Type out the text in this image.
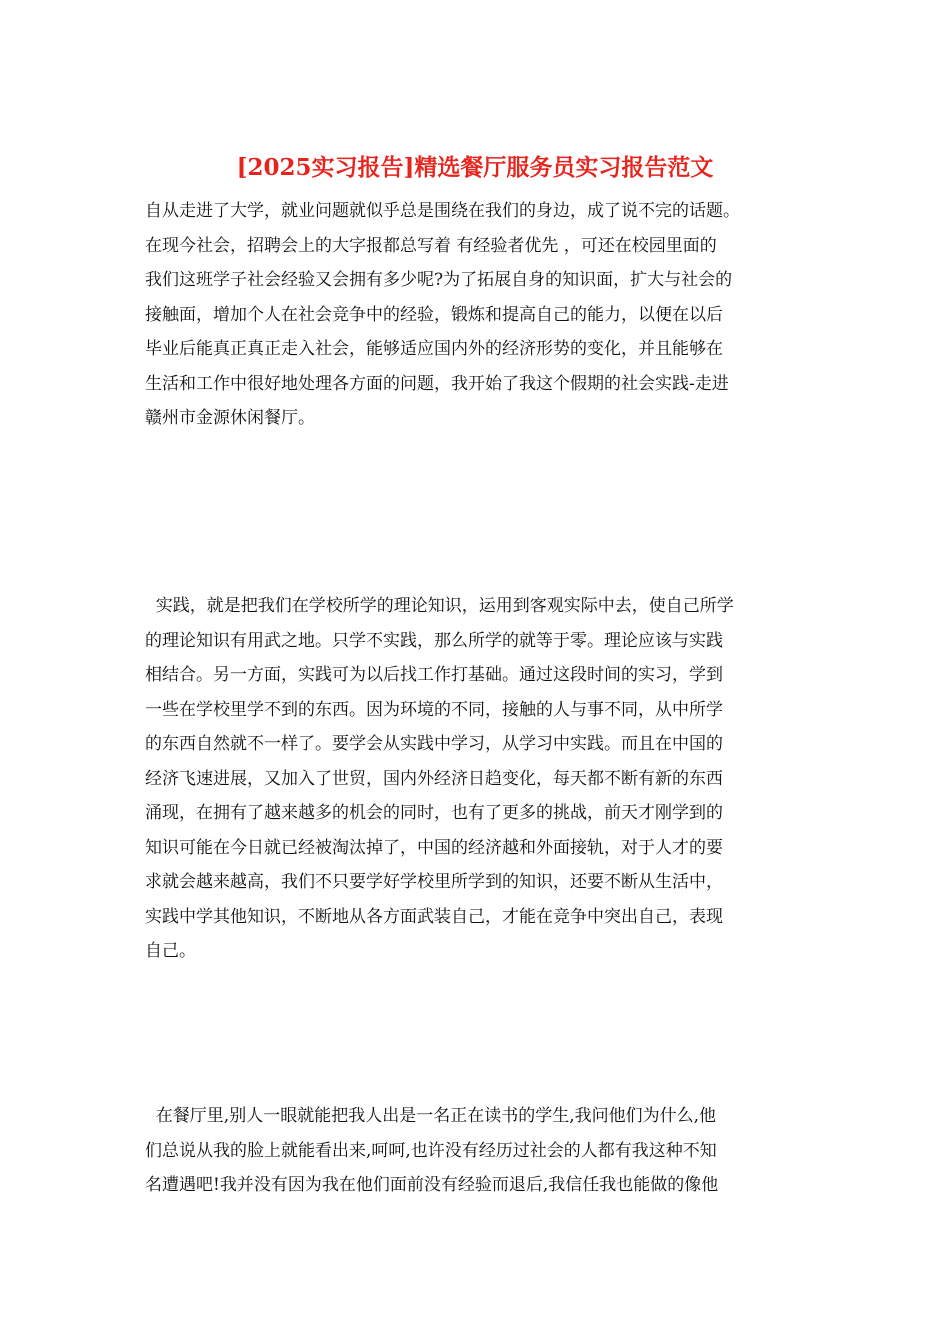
[2025实习报告]精选餐厅服务员实习报告范文
自从走进了大学，就业问题就似乎总是围绕在我们的身边，成了说不完的话题。
在现今社会，招聘会上的大字报都总写着 有经验者优先 ，可还在校园里面的
我们这班学子社会经验又会拥有多少呢?为了拓展自身的知识面，扩大与社会的
接触面，增加个人在社会竞争中的经验，锻炼和提高自己的能力，以便在以后
毕业后能真正真正走入社会，能够适应国内外的经济形势的变化，并且能够在
生活和工作中很好地处理各方面的问题，我开始了我这个假期的社会实践-走进
赣州市金源休闲餐厅。
实践，就是把我们在学校所学的理论知识，运用到客观实际中去，使自己所学
的理论知识有用武之地。只学不实践，那么所学的就等于零。理论应该与实践
相结合。另一方面，实践可为以后找工作打基础。通过这段时间的实习，学到
一些在学校里学不到的东西。因为环境的不同，接触的人与事不同，从中所学
的东西自然就不一样了。要学会从实践中学习，从学习中实践。而且在中国的
经济飞速进展，又加入了世贸，国内外经济日趋变化，每天都不断有新的东西
涌现，在拥有了越来越多的机会的同时，也有了更多的挑战，前天才刚学到的
知识可能在今日就已经被淘汰掉了，中国的经济越和外面接轨，对于人才的要
求就会越来越高，我们不只要学好学校里所学到的知识，还要不断从生活中，
实践中学其他知识，不断地从各方面武装自己，才能在竞争中突出自己，表现
自己。
在餐厅里,别人一眼就能把我人出是一名正在读书的学生,我问他们为什么,他
们总说从我的脸上就能看出来,呵呵,也许没有经历过社会的人都有我这种不知
名遭遇吧!我并没有因为我在他们面前没有经验而退后,我信任我也能做的像他
